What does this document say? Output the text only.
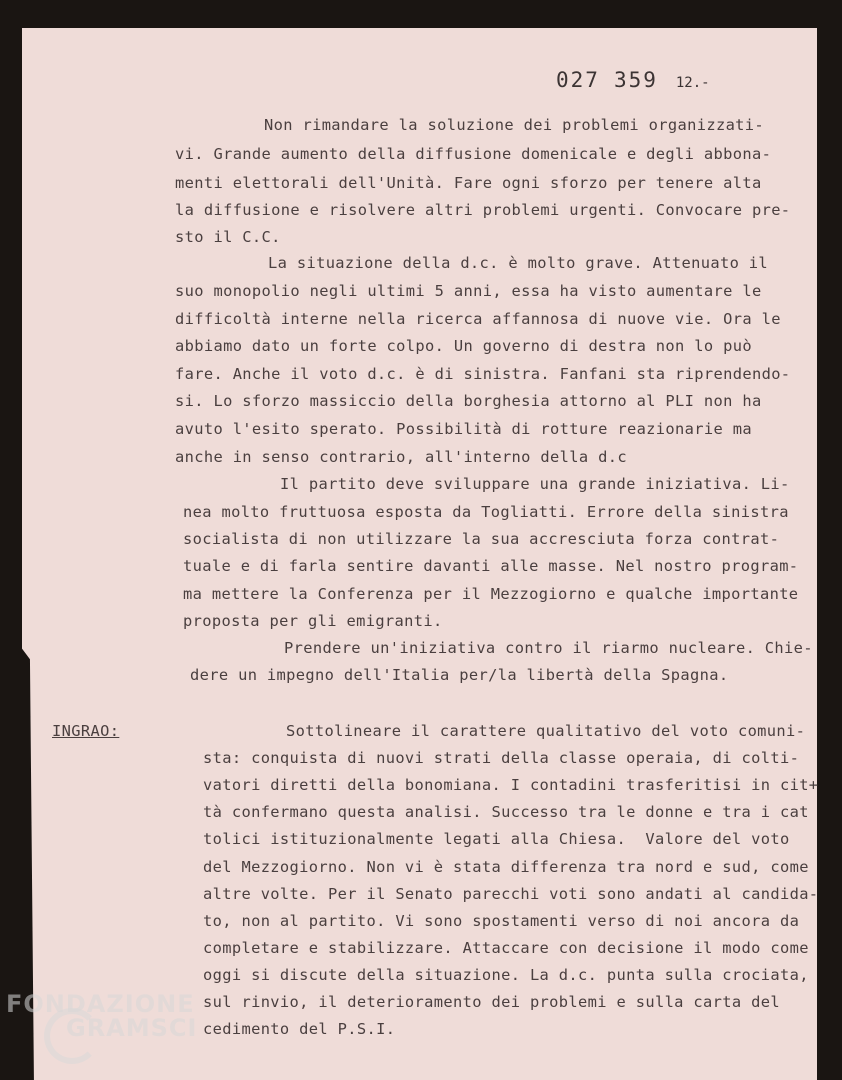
027 359 12.-
Non rimandare la soluzione dei problemi organizzati-
vi. Grande aumento della diffusione domenicale e degli abbona-
menti elettorali dell'Unità. Fare ogni sforzo per tenere alta
la diffusione e risolvere altri problemi urgenti. Convocare pre-
sto il C.C.
La situazione della d.c. è molto grave. Attenuato il
suo monopolio negli ultimi 5 anni, essa ha visto aumentare le
difficoltà interne nella ricerca affannosa di nuove vie. Ora le
abbiamo dato un forte colpo. Un governo di destra non lo può
fare. Anche il voto d.c. è di sinistra. Fanfani sta riprendendo-
si. Lo sforzo massiccio della borghesia attorno al PLI non ha
avuto l'esito sperato. Possibilità di rotture reazionarie ma
anche in senso contrario, all'interno della d.c
Il partito deve sviluppare una grande iniziativa. Li-
nea molto fruttuosa esposta da Togliatti. Errore della sinistra
socialista di non utilizzare la sua accresciuta forza contrat-
tuale e di farla sentire davanti alle masse. Nel nostro program-
ma mettere la Conferenza per il Mezzogiorno e qualche importante
proposta per gli emigranti.
Prendere un'iniziativa contro il riarmo nucleare. Chie-
dere un impegno dell'Italia per/la libertà della Spagna.
Sottolineare il carattere qualitativo del voto comuni-
sta: conquista di nuovi strati della classe operaia, di colti-
vatori diretti della bonomiana. I contadini trasferitisi in cit+
tà confermano questa analisi. Successo tra le donne e tra i cat
tolici istituzionalmente legati alla Chiesa.  Valore del voto
del Mezzogiorno. Non vi è stata differenza tra nord e sud, come
altre volte. Per il Senato parecchi voti sono andati al candida-
to, non al partito. Vi sono spostamenti verso di noi ancora da
completare e stabilizzare. Attaccare con decisione il modo come
oggi si discute della situazione. La d.c. punta sulla crociata,
sul rinvio, il deterioramento dei problemi e sulla carta del
cedimento del P.S.I.
INGRAO:
FONDAZIONE
GRAMSCI
